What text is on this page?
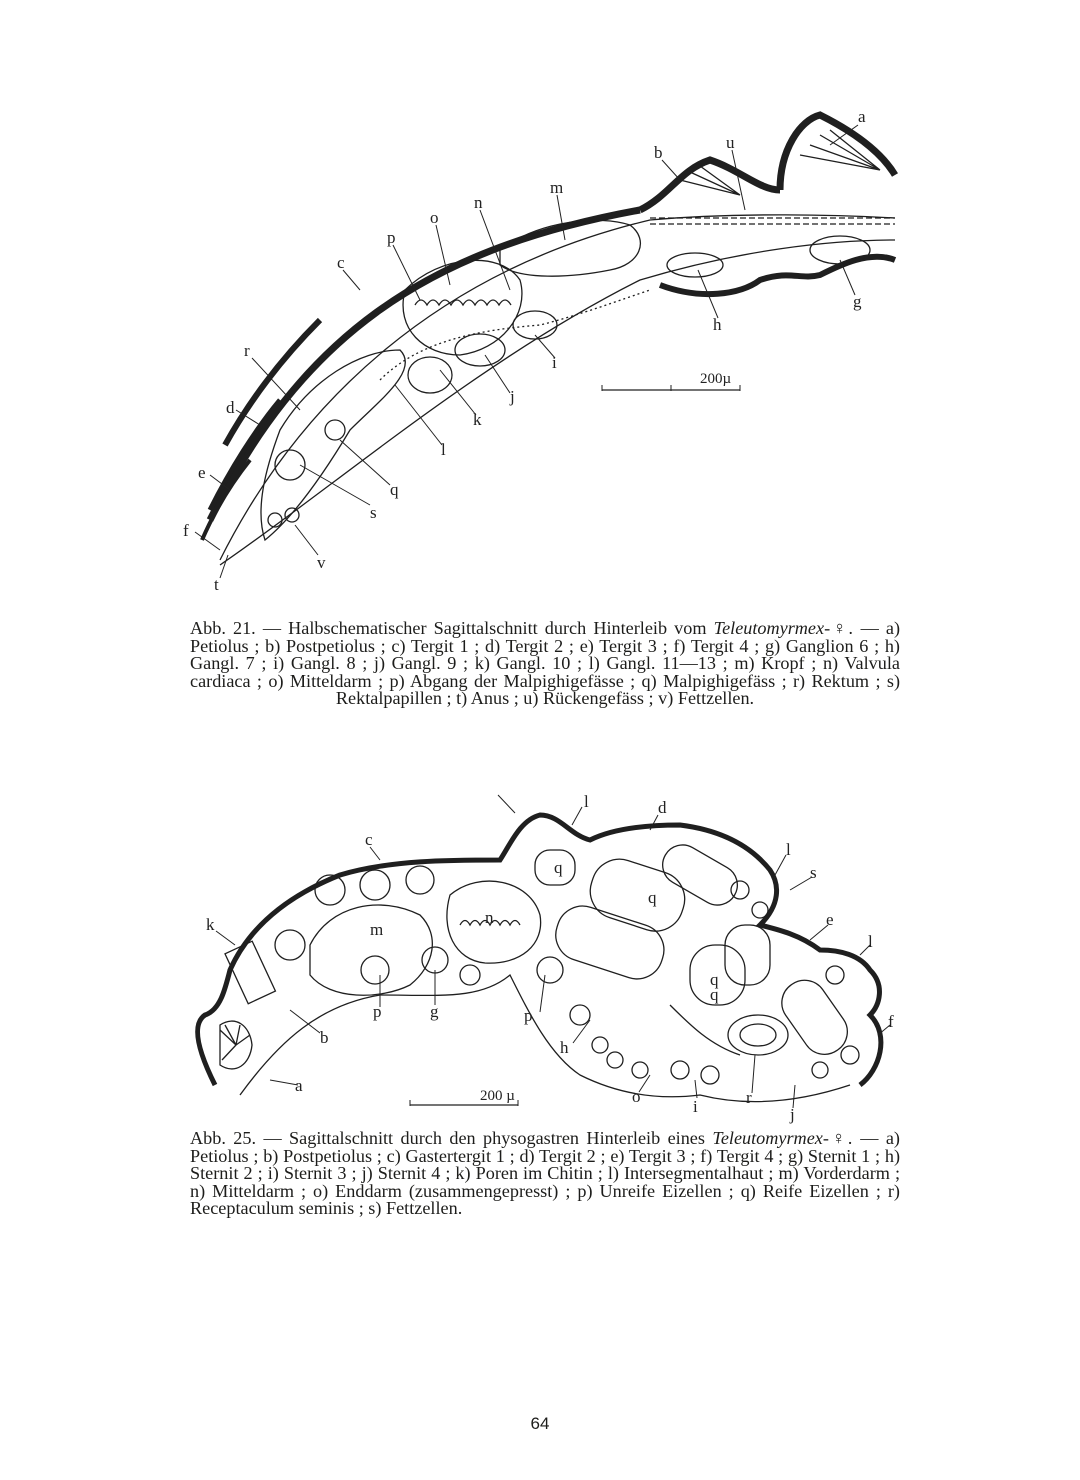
a
b
u
m
n
o
p
c
r
d
e
f
t
v
s
q
l
k
j
i
h
g
200µ
Abb. 21. — Halbschematischer Sagittalschnitt durch Hinterleib vom Teleutomyrmex-♀. — a) Petiolus ; b) Postpetiolus ; c) Tergit 1 ; d) Tergit 2 ; e) Tergit 3 ; f) Tergit 4 ; g) Ganglion 6 ; h) Gangl. 7 ; i) Gangl. 8 ; j) Gangl. 9 ; k) Gangl. 10 ; l) Gangl. 11—13 ; m) Kropf ; n) Valvula cardiaca ; o) Mitteldarm ; p) Abgang der Malpighigefässe ; q) Malpighigefäss ; r) Rektum ; s) Rektalpapillen ; t) Anus ; u) Rückengefäss ; v) Fettzellen.
l	d
c
l
s
k	e
l
m
n
q
q
q
p	g	p
h
b
a
o
i	r
j
f
q
200 µ
Abb. 25. — Sagittalschnitt durch den physogastren Hinterleib eines Teleutomyrmex-♀. — a) Petiolus ; b) Postpetiolus ; c) Gastertergit 1 ; d) Tergit 2 ; e) Tergit 3 ; f) Tergit 4 ; g) Sternit 1 ; h) Sternit 2 ; i) Sternit 3 ; j) Sternit 4 ; k) Poren im Chitin ; l) Intersegmentalhaut ; m) Vorderdarm ; n) Mitteldarm ; o) Enddarm (zusammengepresst) ; p) Unreife Eizellen ; q) Reife Eizellen ; r) Receptaculum seminis ; s) Fettzellen.
64
